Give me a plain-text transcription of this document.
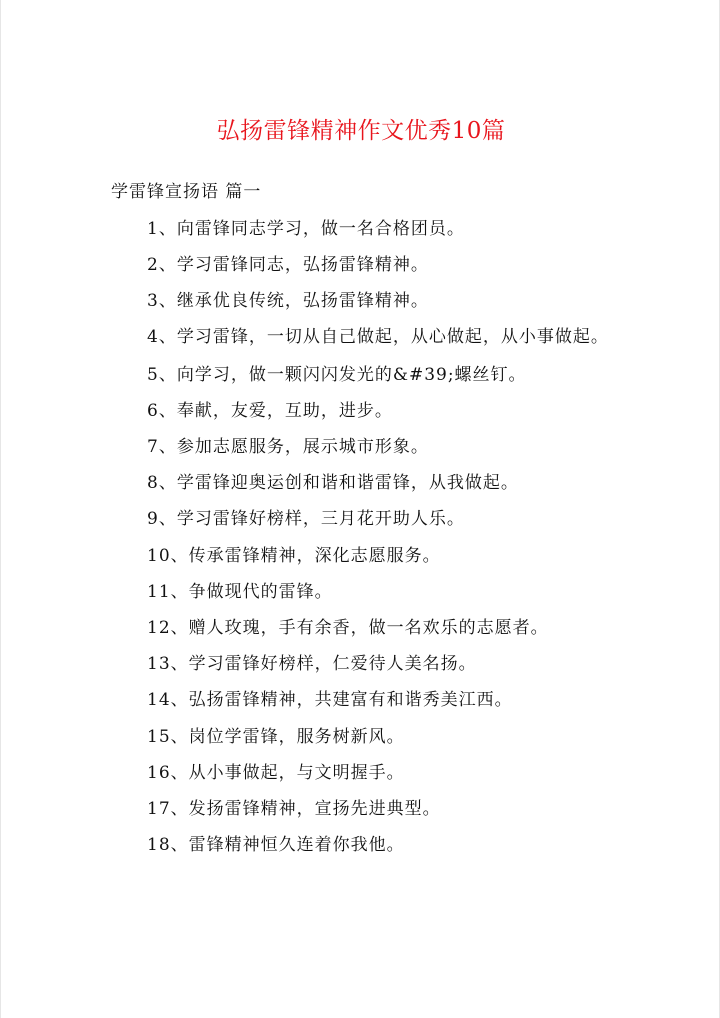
弘扬雷锋精神作文优秀10篇
学雷锋宣扬语 篇一
1、向雷锋同志学习，做一名合格团员。
2、学习雷锋同志，弘扬雷锋精神。
3、继承优良传统，弘扬雷锋精神。
4、学习雷锋，一切从自己做起，从心做起，从小事做起。
5、向学习，做一颗闪闪发光的&#39;螺丝钉。
6、奉献，友爱，互助，进步。
7、参加志愿服务，展示城市形象。
8、学雷锋迎奥运创和谐和谐雷锋，从我做起。
9、学习雷锋好榜样，三月花开助人乐。
10、传承雷锋精神，深化志愿服务。
11、争做现代的雷锋。
12、赠人玫瑰，手有余香，做一名欢乐的志愿者。
13、学习雷锋好榜样，仁爱待人美名扬。
14、弘扬雷锋精神，共建富有和谐秀美江西。
15、岗位学雷锋，服务树新风。
16、从小事做起，与文明握手。
17、发扬雷锋精神，宣扬先进典型。
18、雷锋精神恒久连着你我他。
